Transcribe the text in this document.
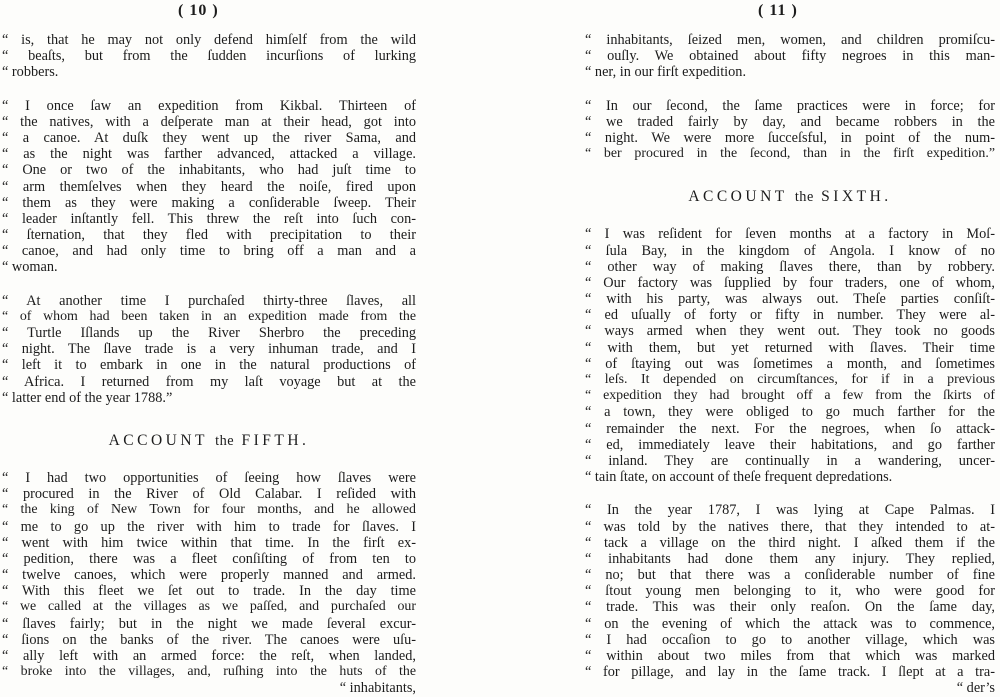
( 10 )
“ is, that he may not only defend himſelf from the wild
“ beaſts, but from the ſudden incurſions of lurking
“ robbers.
“ I once ſaw an expedition from Kikbal. Thirteen of
“ the natives, with a deſperate man at their head, got into
“ a canoe. At duſk they went up the river Sama, and
“ as the night was farther advanced, attacked a village.
“ One or two of the inhabitants, who had juſt time to
“ arm themſelves when they heard the noiſe, fired upon
“ them as they were making a conſiderable ſweep. Their
“ leader inſtantly fell. This threw the reſt into ſuch con-
“ ſternation, that they fled with precipitation to their
“ canoe, and had only time to bring off a man and a
“ woman.
“ At another time I purchaſed thirty-three ſlaves, all
“ of whom had been taken in an expedition made from the
“ Turtle Iſlands up the River Sherbro the preceding
“ night. The ſlave trade is a very inhuman trade, and I
“ left it to embark in one in the natural productions of
“ Africa. I returned from my laſt voyage but at the
“ latter end of the year 1788.”
ACCOUNT the FIFTH.
“ I had two opportunities of ſeeing how ſlaves were
“ procured in the River of Old Calabar. I reſided with
“ the king of New Town for four months, and he allowed
“ me to go up the river with him to trade for ſlaves. I
“ went with him twice within that time. In the firſt ex-
“ pedition, there was a fleet conſiſting of from ten to
“ twelve canoes, which were properly manned and armed.
“ With this fleet we ſet out to trade. In the day time
“ we called at the villages as we paſſed, and purchaſed our
“ ſlaves fairly; but in the night we made ſeveral excur-
“ ſions on the banks of the river. The canoes were uſu-
“ ally left with an armed force: the reſt, when landed,
“ broke into the villages, and, ruſhing into the huts of the
“ inhabitants,
( 11 )
“ inhabitants, ſeized men, women, and children promiſcu-
“ ouſly. We obtained about fifty negroes in this man-
“ ner, in our firſt expedition.
“ In our ſecond, the ſame practices were in force; for
“ we traded fairly by day, and became robbers in the
“ night. We were more ſucceſsful, in point of the num-
“ ber procured in the ſecond, than in the firſt expedition.”
ACCOUNT the SIXTH.
“ I was reſident for ſeven months at a factory in Moſ-
“ ſula Bay, in the kingdom of Angola. I know of no
“ other way of making ſlaves there, than by robbery.
“ Our factory was ſupplied by four traders, one of whom,
“ with his party, was always out. Theſe parties conſiſt-
“ ed uſually of forty or fifty in number. They were al-
“ ways armed when they went out. They took no goods
“ with them, but yet returned with ſlaves. Their time
“ of ſtaying out was ſometimes a month, and ſometimes
“ leſs. It depended on circumſtances, for if in a previous
“ expedition they had brought off a few from the ſkirts of
“ a town, they were obliged to go much farther for the
“ remainder the next. For the negroes, when ſo attack-
“ ed, immediately leave their habitations, and go farther
“ inland. They are continually in a wandering, uncer-
“ tain ſtate, on account of theſe frequent depredations.
“ In the year 1787, I was lying at Cape Palmas. I
“ was told by the natives there, that they intended to at-
“ tack a village on the third night. I aſked them if the
“ inhabitants had done them any injury. They replied,
“ no; but that there was a conſiderable number of fine
“ ſtout young men belonging to it, who were good for
“ trade. This was their only reaſon. On the ſame day,
“ on the evening of which the attack was to commence,
“ I had occaſion to go to another village, which was
“ within about two miles from that which was marked
“ for pillage, and lay in the ſame track. I ſlept at a tra-
“ der’s
